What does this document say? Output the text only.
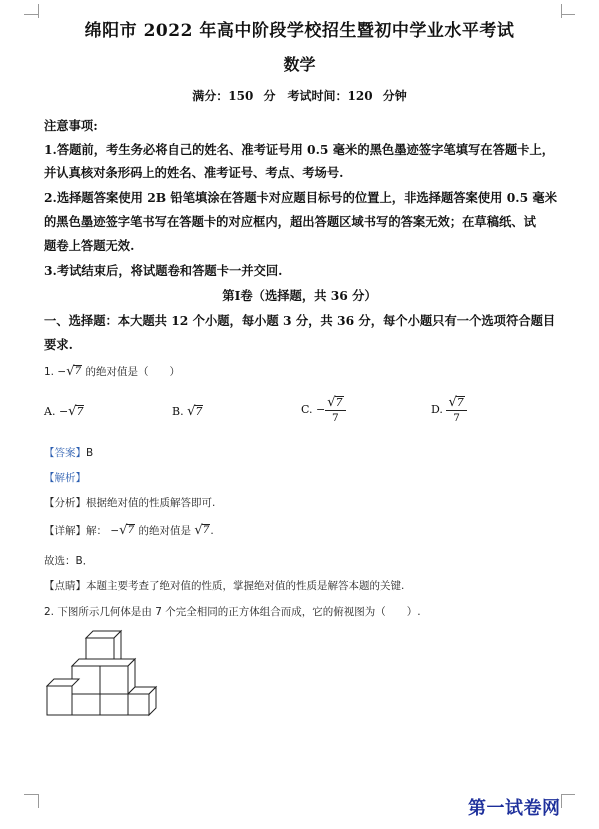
绵阳市 2022 年高中阶段学校招生暨初中学业水平考试
数学
满分：150 分　考试时间：120 分钟
注意事项:
1.答题前，考生务必将自己的姓名、准考证号用 0.5 毫米的黑色墨迹签字笔填写在答题卡上，
并认真核对条形码上的姓名、准考证号、考点、考场号.
2.选择题答案使用 2B 铅笔填涂在答题卡对应题目标号的位置上，非选择题答案使用 0.5 毫米
的黑色墨迹签字笔书写在答题卡的对应框内，超出答题区域书写的答案无效；在草稿纸、试
题卷上答题无效.
3.考试结束后，将试题卷和答题卡一并交回.
第Ⅰ卷（选择题，共 36 分）
一、选择题：本大题共 12 个小题，每小题 3 分，共 36 分，每个小题只有一个选项符合题目
要求.
1. − √ 7 的绝对值是（　　）
A. − √ 7	B. √ 7	C. − $\frac{√ 7}{7}$	D. $\frac{√ 7}{7}$
【答案】B
【解析】
【分析】根据绝对值的性质解答即可.
【详解】解： − √ 7 的绝对值是 √ 7 .
故选：B．
【点睛】本题主要考查了绝对值的性质，掌握绝对值的性质是解答本题的关键.
2. 下图所示几何体是由 7 个完全相同的正方体组合而成，它的俯视图为（　　）.
第一试卷网
